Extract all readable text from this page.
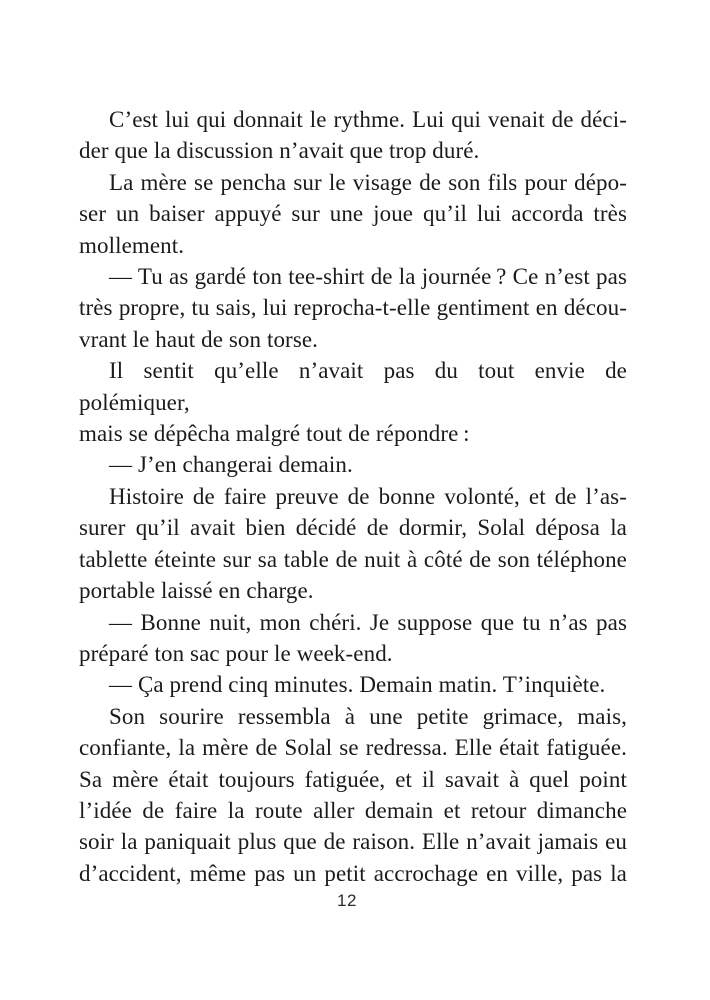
C’est lui qui donnait le rythme. Lui qui venait de déci-
der que la discussion n’avait que trop duré.
La mère se pencha sur le visage de son fils pour dépo-
ser un baiser appuyé sur une joue qu’il lui accorda très
mollement.
— Tu as gardé ton tee-shirt de la journée ? Ce n’est pas
très propre, tu sais, lui reprocha-t-elle gentiment en décou-
vrant le haut de son torse.
Il sentit qu’elle n’avait pas du tout envie de polémiquer,
mais se dépêcha malgré tout de répondre :
— J’en changerai demain.
Histoire de faire preuve de bonne volonté, et de l’as-
surer qu’il avait bien décidé de dormir, Solal déposa la
tablette éteinte sur sa table de nuit à côté de son téléphone
portable laissé en charge.
— Bonne nuit, mon chéri. Je suppose que tu n’as pas
préparé ton sac pour le week-end.
— Ça prend cinq minutes. Demain matin. T’inquiète.
Son sourire ressembla à une petite grimace, mais,
confiante, la mère de Solal se redressa. Elle était fatiguée.
Sa mère était toujours fatiguée, et il savait à quel point
l’idée de faire la route aller demain et retour dimanche
soir la paniquait plus que de raison. Elle n’avait jamais eu
d’accident, même pas un petit accrochage en ville, pas la
12
